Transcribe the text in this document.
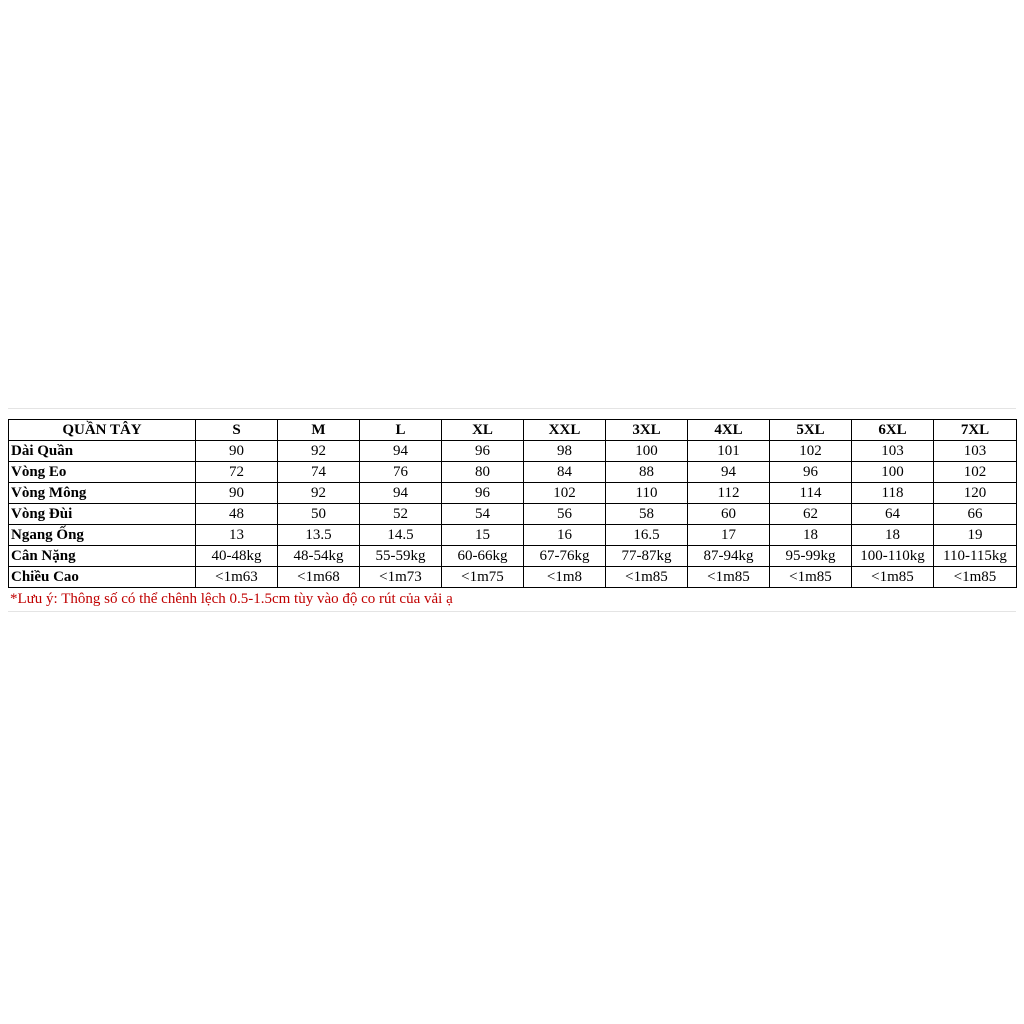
QUẦN TÂY	S	M	L	XL	XXL	3XL	4XL	5XL	6XL	7XL
Dài Quần	90	92	94	96	98	100	101	102	103	103
Vòng Eo	72	74	76	80	84	88	94	96	100	102
Vòng Mông	90	92	94	96	102	110	112	114	118	120
Vòng Đùi	48	50	52	54	56	58	60	62	64	66
Ngang Ống	13	13.5	14.5	15	16	16.5	17	18	18	19
Cân Nặng	40-48kg	48-54kg	55-59kg	60-66kg	67-76kg	77-87kg	87-94kg	95-99kg	100-110kg	110-115kg
Chiều Cao	<1m63	<1m68	<1m73	<1m75	<1m8	<1m85	<1m85	<1m85	<1m85	<1m85
*Lưu ý: Thông số có thể chênh lệch 0.5-1.5cm tùy vào độ co rút của vải ạ
